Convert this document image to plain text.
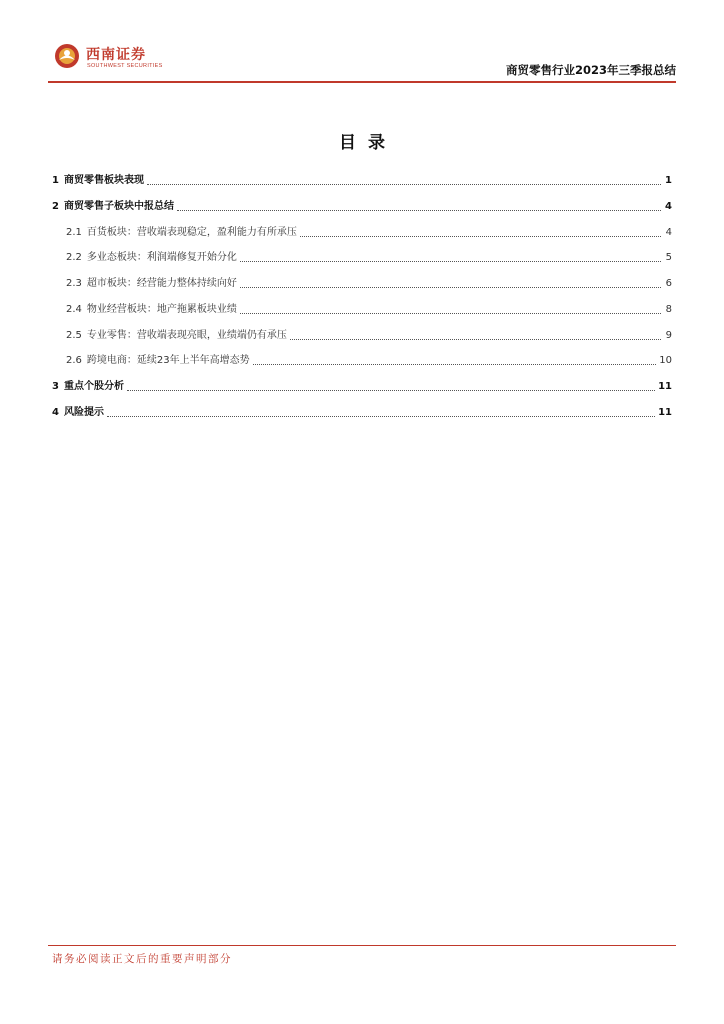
西南证券
SOUTHWEST SECURITIES	商贸零售行业2023年三季报总结
目录
1 商贸零售板块表现	1
2 商贸零售子板块中报总结	4
2.1 百货板块：营收端表现稳定，盈利能力有所承压	4
2.2 多业态板块：利润端修复开始分化	5
2.3 超市板块：经营能力整体持续向好	6
2.4 物业经营板块：地产拖累板块业绩	8
2.5 专业零售：营收端表现亮眼，业绩端仍有承压	9
2.6 跨境电商：延续23年上半年高增态势	10
3 重点个股分析	11
4 风险提示	11
请务必阅读正文后的重要声明部分
